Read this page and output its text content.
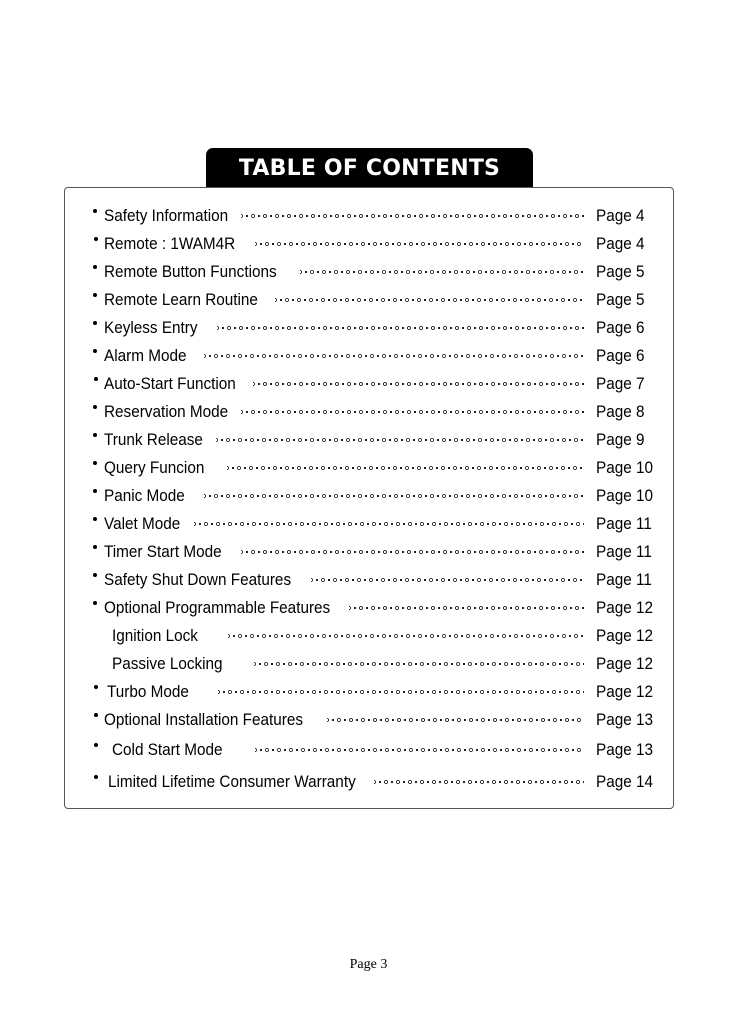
TABLE OF CONTENTS
Safety Information	Page 4
Remote : 1WAM4R	Page 4
Remote Button Functions	Page 5
Remote Learn Routine	Page 5
Keyless Entry	Page 6
Alarm Mode	Page 6
Auto-Start Function	Page 7
Reservation Mode	Page 8
Trunk Release	Page 9
Query Funcion	Page 10
Panic Mode	Page 10
Valet Mode	Page 11
Timer Start Mode	Page 11
Safety Shut Down Features	Page 11
Optional Programmable Features	Page 12
Ignition Lock	Page 12
Passive Locking	Page 12
Turbo Mode	Page 12
Optional Installation Features	Page 13
Cold Start Mode	Page 13
Limited Lifetime Consumer Warranty	Page 14
Page 3
